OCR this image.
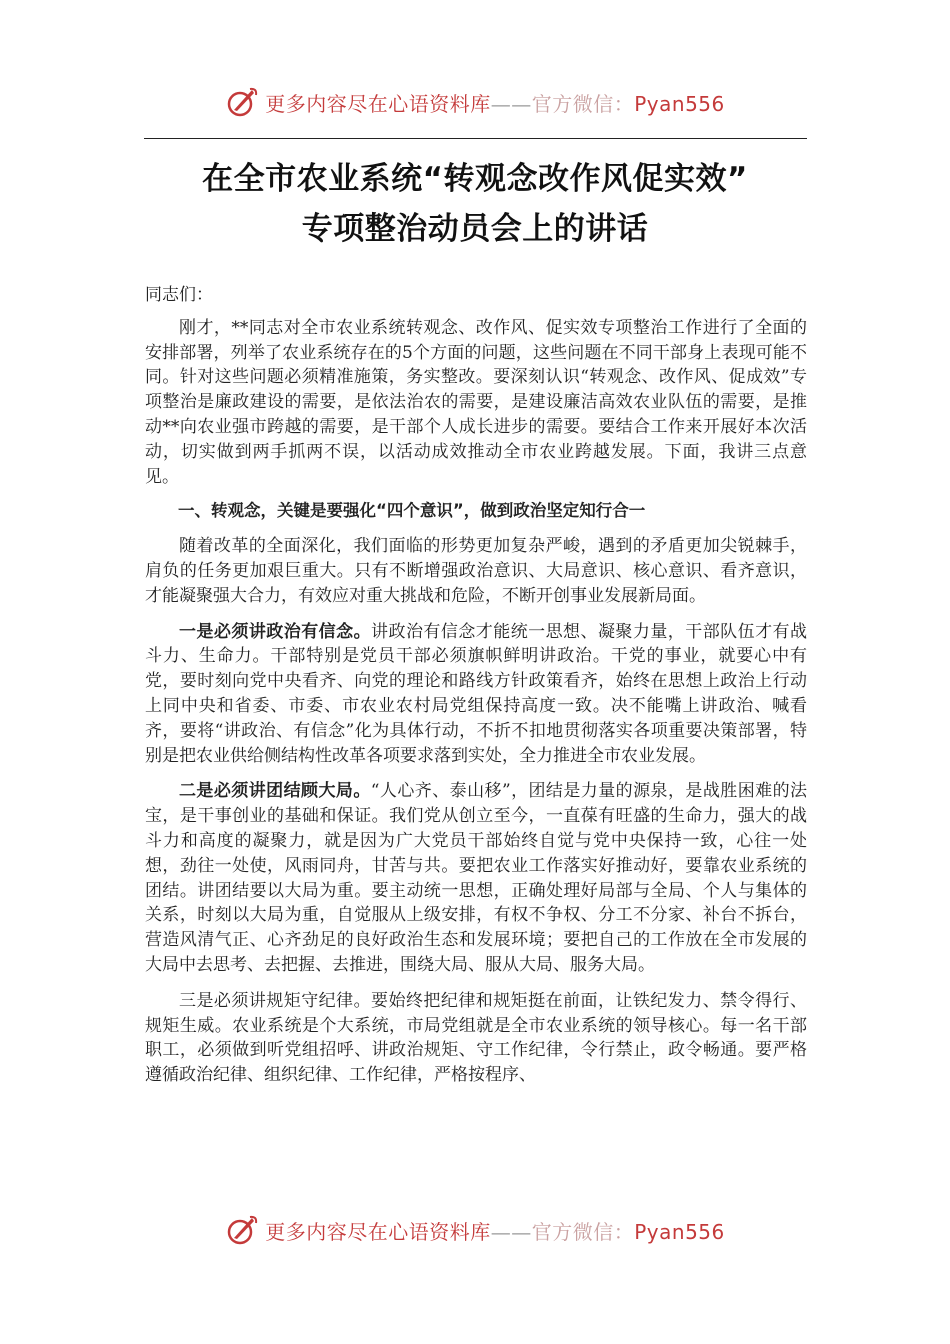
更多内容尽在心语资料库——官方微信：Pyan556
在全市农业系统“转观念改作风促实效”
专项整治动员会上的讲话

同志们：

刚才，**同志对全市农业系统转观念、改作风、促实效专项整治工作进行了全面的安排部署，列举了农业系统存在的5个方面的问题，这些问题在不同干部身上表现可能不同。针对这些问题必须精准施策，务实整改。要深刻认识“转观念、改作风、促成效”专项整治是廉政建设的需要，是依法治农的需要，是建设廉洁高效农业队伍的需要，是推动**向农业强市跨越的需要，是干部个人成长进步的需要。要结合工作来开展好本次活动，切实做到两手抓两不误，以活动成效推动全市农业跨越发展。下面，我讲三点意见。

一、转观念，关键是要强化“四个意识”，做到政治坚定知行合一

随着改革的全面深化，我们面临的形势更加复杂严峻，遇到的矛盾更加尖锐棘手，肩负的任务更加艰巨重大。只有不断增强政治意识、大局意识、核心意识、看齐意识，才能凝聚强大合力，有效应对重大挑战和危险，不断开创事业发展新局面。

一是必须讲政治有信念。讲政治有信念才能统一思想、凝聚力量，干部队伍才有战斗力、生命力。干部特别是党员干部必须旗帜鲜明讲政治。干党的事业，就要心中有党，要时刻向党中央看齐、向党的理论和路线方针政策看齐，始终在思想上政治上行动上同中央和省委、市委、市农业农村局党组保持高度一致。决不能嘴上讲政治、喊看齐，要将“讲政治、有信念”化为具体行动，不折不扣地贯彻落实各项重要决策部署，特别是把农业供给侧结构性改革各项要求落到实处，全力推进全市农业发展。

二是必须讲团结顾大局。“人心齐、泰山移”，团结是力量的源泉，是战胜困难的法宝，是干事创业的基础和保证。我们党从创立至今，一直葆有旺盛的生命力，强大的战斗力和高度的凝聚力，就是因为广大党员干部始终自觉与党中央保持一致，心往一处想，劲往一处使，风雨同舟，甘苦与共。要把农业工作落实好推动好，要靠农业系统的团结。讲团结要以大局为重。要主动统一思想，正确处理好局部与全局、个人与集体的关系，时刻以大局为重，自觉服从上级安排，有权不争权、分工不分家、补台不拆台，营造风清气正、心齐劲足的良好政治生态和发展环境；要把自己的工作放在全市发展的大局中去思考、去把握、去推进，围绕大局、服从大局、服务大局。

三是必须讲规矩守纪律。要始终把纪律和规矩挺在前面，让铁纪发力、禁令得行、规矩生威。农业系统是个大系统，市局党组就是全市农业系统的领导核心。每一名干部职工，必须做到听党组招呼、讲政治规矩、守工作纪律，令行禁止，政令畅通。要严格遵循政治纪律、组织纪律、工作纪律，严格按程序、

更多内容尽在心语资料库——官方微信：Pyan556
